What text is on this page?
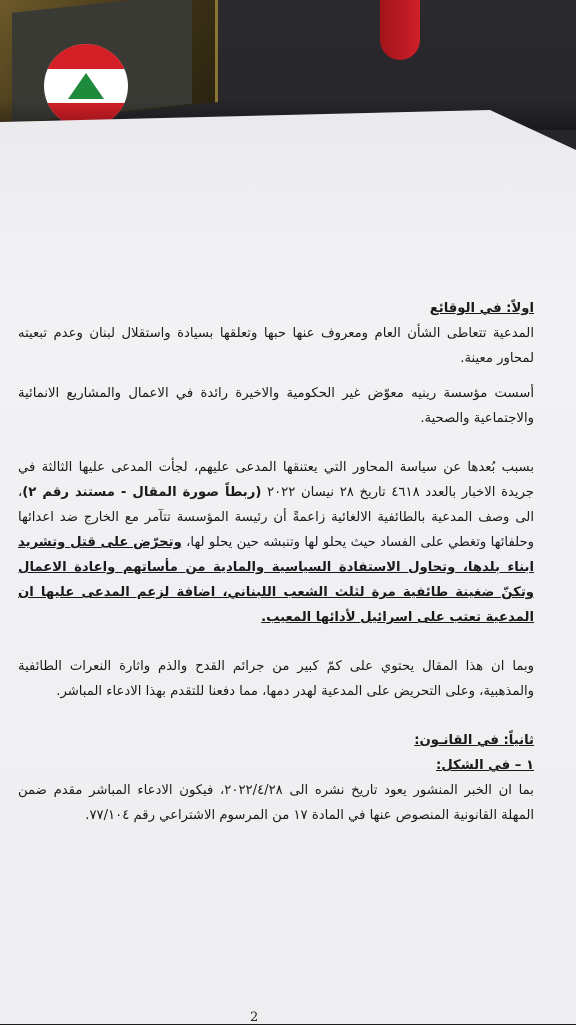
اولاً: في الوقائع

المدعية تتعاطى الشأن العام ومعروف عنها حبها وتعلقها بسيادة واستقلال لبنان وعدم تبعيته لمحاور معينة.

أسست مؤسسة رينيه معوّض غير الحكومية والاخيرة رائدة في الاعمال والمشاريع الانمائية والاجتماعية والصحية.

بسبب بُعدها عن سياسة المحاور التي يعتنقها المدعى عليهم، لجأت المدعى عليها الثالثة في جريدة الاخبار بالعدد ٤٦١٨ تاريخ ٢٨ نيسان ٢٠٢٢ (ربطاً صورة المقال - مستند رقم ٢)، الى وصف المدعية بالطائفية الالغائية زاعمةً أن رئيسة المؤسسة تتآمر مع الخارج ضد اعدائها وحلفائها وتغطي على الفساد حيث يحلو لها وتنبشه حين يحلو لها، وتحرّض على قتل وتشريد ابناء بلدها، وتحاول الاستفادة السياسية والمادية من مأساتهم واعادة الاعمال وتكنّ ضغينة طائفية مرة لثلث الشعب اللبناني، اضافة لزعم المدعى عليها ان المدعية تعتب على اسرائيل لأدائها المعيب.

وبما ان هذا المقال يحتوي على كمّ كبير من جرائم القدح والذم واثارة النعرات الطائفية والمذهبية، وعلى التحريض على المدعية لهدر دمها، مما دفعنا للتقدم بهذا الادعاء المباشر.

ثانياً: في القانـون:

١ – في الشكل:

بما ان الخبر المنشور يعود تاريخ نشره الى ٢٠٢٢/٤/٢٨، فيكون الادعاء المباشر مقدم ضمن المهلة القانونية المنصوص عنها في المادة ١٧ من المرسوم الاشتراعي رقم ٧٧/١٠٤.

2
